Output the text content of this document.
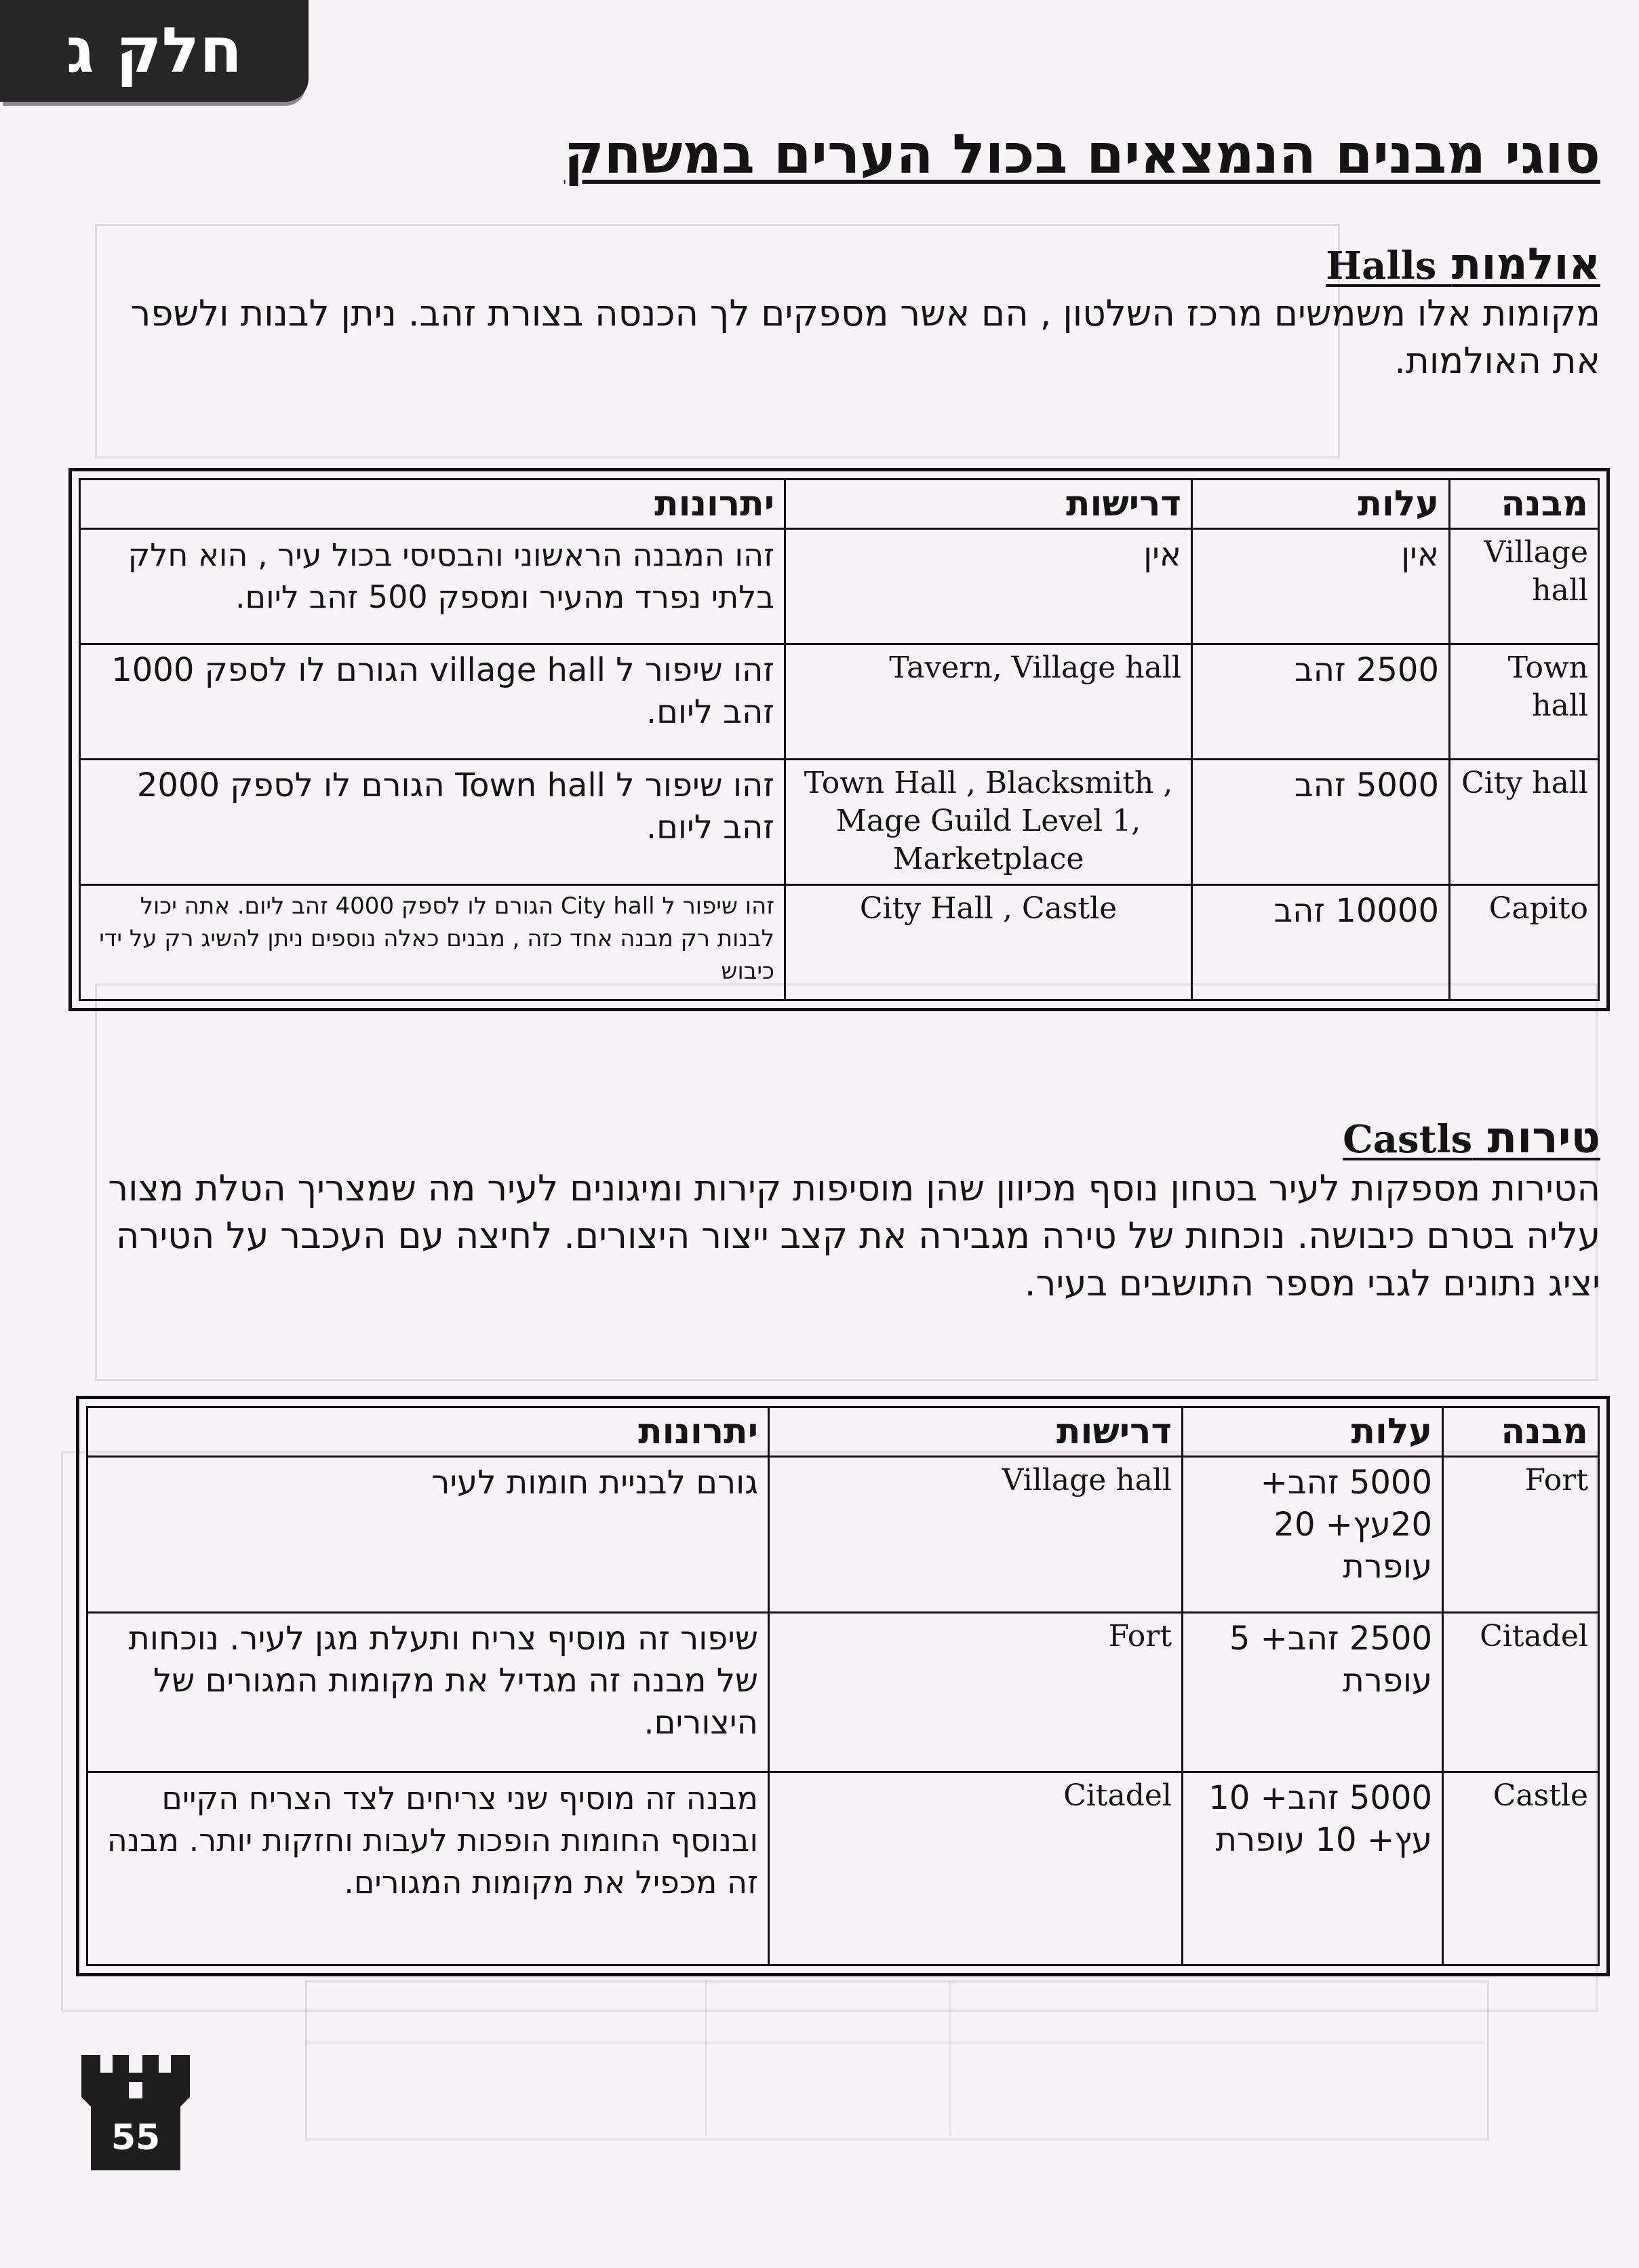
חלק ג
סוגי מבנים הנמצאים בכול הערים במשחק
אולמות Halls
מקומות אלו משמשים מרכז השלטון , הם אשר מספקים לך הכנסה בצורת זהב. ניתן לבנות ולשפר את האולמות.
יתרונות	דרישות	עלות	מבנה
זהו המבנה הראשוני והבסיסי בכול עיר , הוא חלק בלתי נפרד מהעיר ומספק 500 זהב ליום.	אין	אין	Village hall
זהו שיפור ל village hall הגורם לו לספק 1000 זהב ליום.	Tavern, Village hall	2500 זהב	Town hall
זהו שיפור ל Town hall הגורם לו לספק 2000 זהב ליום.	Town Hall , Blacksmith , Mage Guild Level 1, Marketplace	5000 זהב	City hall
זהו שיפור ל City hall הגורם לו לספק 4000 זהב ליום. אתה יכול לבנות רק מבנה אחד כזה , מבנים כאלה נוספים ניתן להשיג רק על ידי כיבוש	City Hall , Castle	10000 זהב	Capito
טירות Castls
הטירות מספקות לעיר בטחון נוסף מכיוון שהן מוסיפות קירות ומיגונים לעיר מה שמצריך הטלת מצור עליה בטרם כיבושה. נוכחות של טירה מגבירה את קצב ייצור היצורים. לחיצה עם העכבר על הטירה יציג נתונים לגבי מספר התושבים בעיר.
יתרונות	דרישות	עלות	מבנה
גורם לבניית חומות לעיר	Village hall	5000 זהב+ 20עץ+ 20 עופרת	Fort
שיפור זה מוסיף צריח ותעלת מגן לעיר. נוכחות של מבנה זה מגדיל את מקומות המגורים של היצורים.	Fort	2500 זהב+ 5 עופרת	Citadel
מבנה זה מוסיף שני צריחים לצד הצריח הקיים ובנוסף החומות הופכות לעבות וחזקות יותר. מבנה זה מכפיל את מקומות המגורים.	Citadel	5000 זהב+ 10 עץ+ 10 עופרת	Castle
55
